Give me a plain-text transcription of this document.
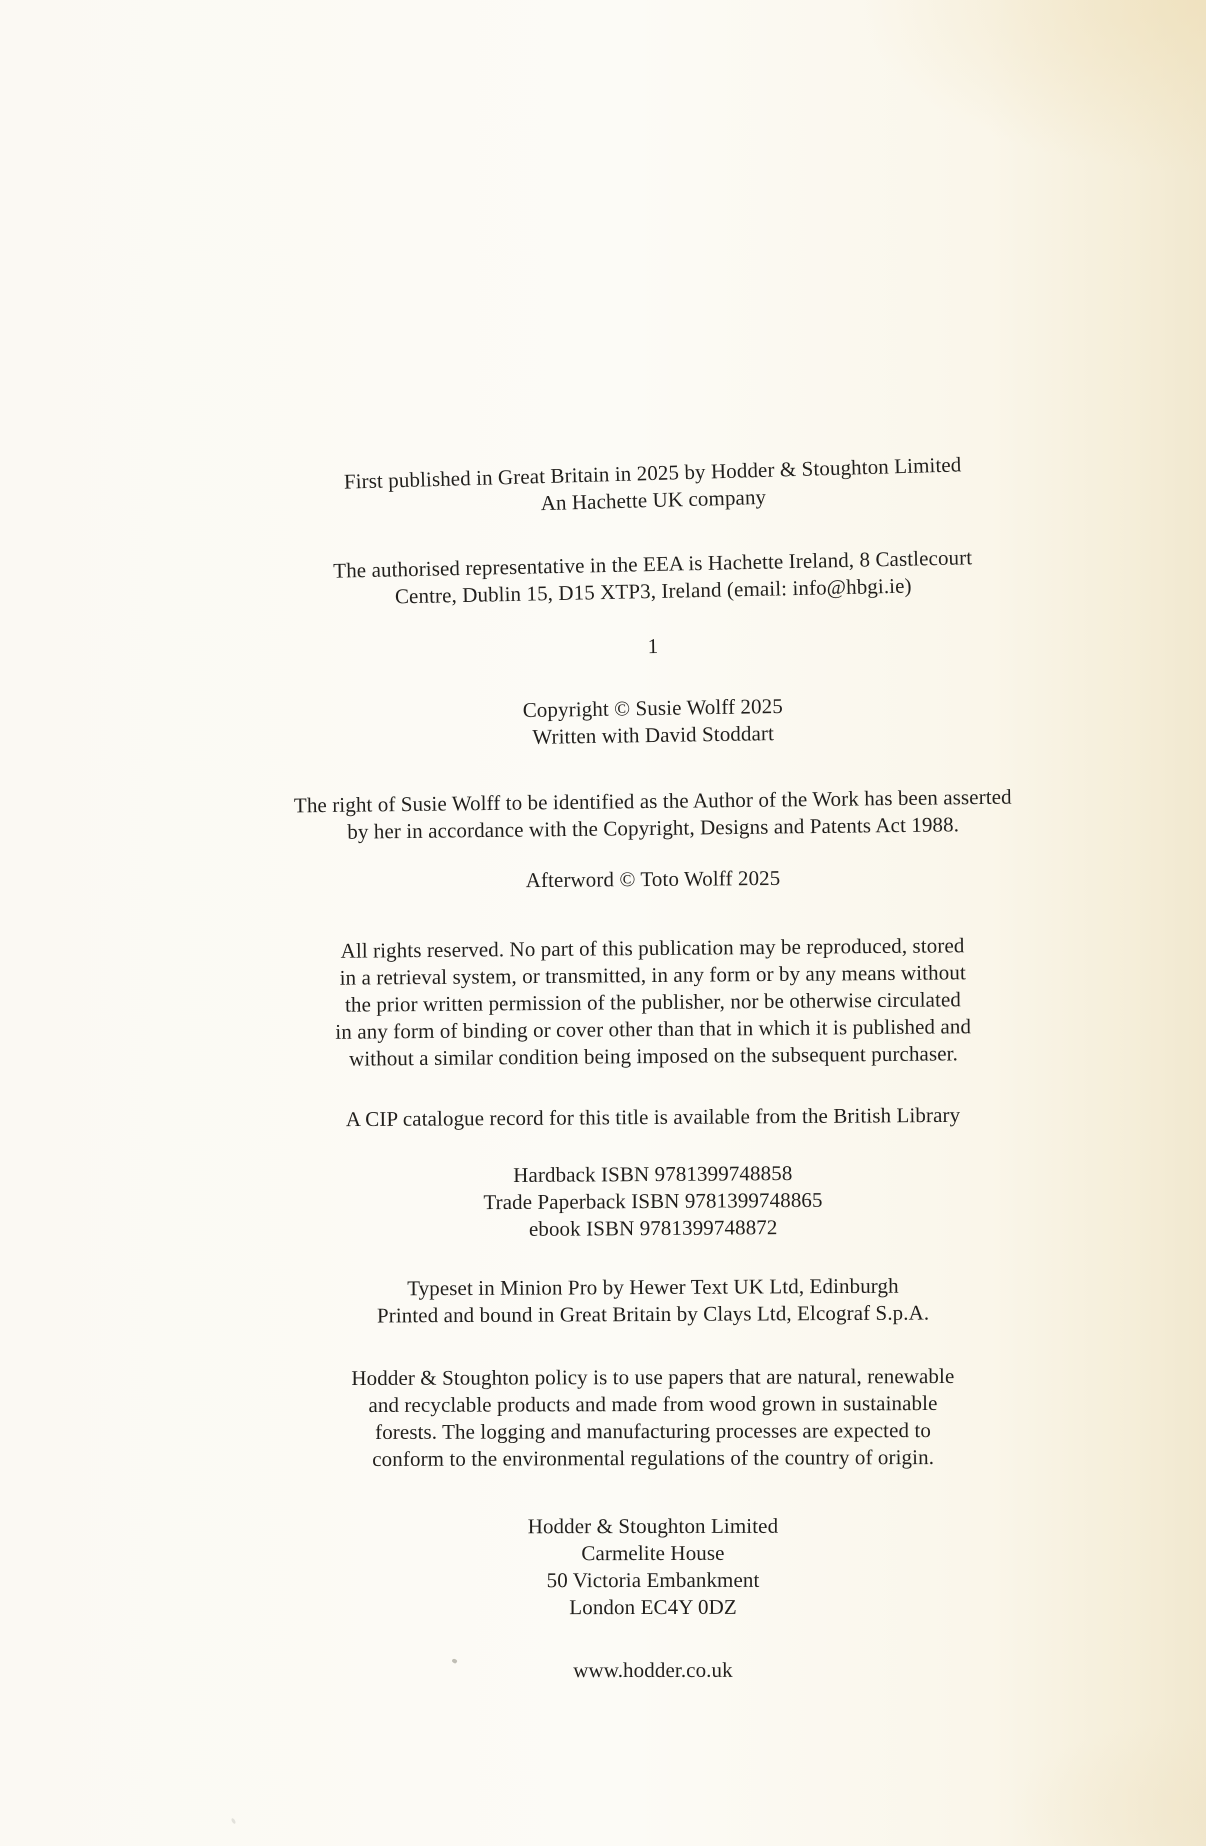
First published in Great Britain in 2025 by Hodder & Stoughton Limited
An Hachette UK company
The authorised representative in the EEA is Hachette Ireland, 8 Castlecourt
Centre, Dublin 15, D15 XTP3, Ireland (email: info@hbgi.ie)
1
Copyright © Susie Wolff 2025
Written with David Stoddart
The right of Susie Wolff to be identified as the Author of the Work has been asserted
by her in accordance with the Copyright, Designs and Patents Act 1988.
Afterword © Toto Wolff 2025
All rights reserved. No part of this publication may be reproduced, stored
in a retrieval system, or transmitted, in any form or by any means without
the prior written permission of the publisher, nor be otherwise circulated
in any form of binding or cover other than that in which it is published and
without a similar condition being imposed on the subsequent purchaser.
A CIP catalogue record for this title is available from the British Library
Hardback ISBN 9781399748858
Trade Paperback ISBN 9781399748865
ebook ISBN 9781399748872
Typeset in Minion Pro by Hewer Text UK Ltd, Edinburgh
Printed and bound in Great Britain by Clays Ltd, Elcograf S.p.A.
Hodder & Stoughton policy is to use papers that are natural, renewable
and recyclable products and made from wood grown in sustainable
forests. The logging and manufacturing processes are expected to
conform to the environmental regulations of the country of origin.
Hodder & Stoughton Limited
Carmelite House
50 Victoria Embankment
London EC4Y 0DZ
www.hodder.co.uk
